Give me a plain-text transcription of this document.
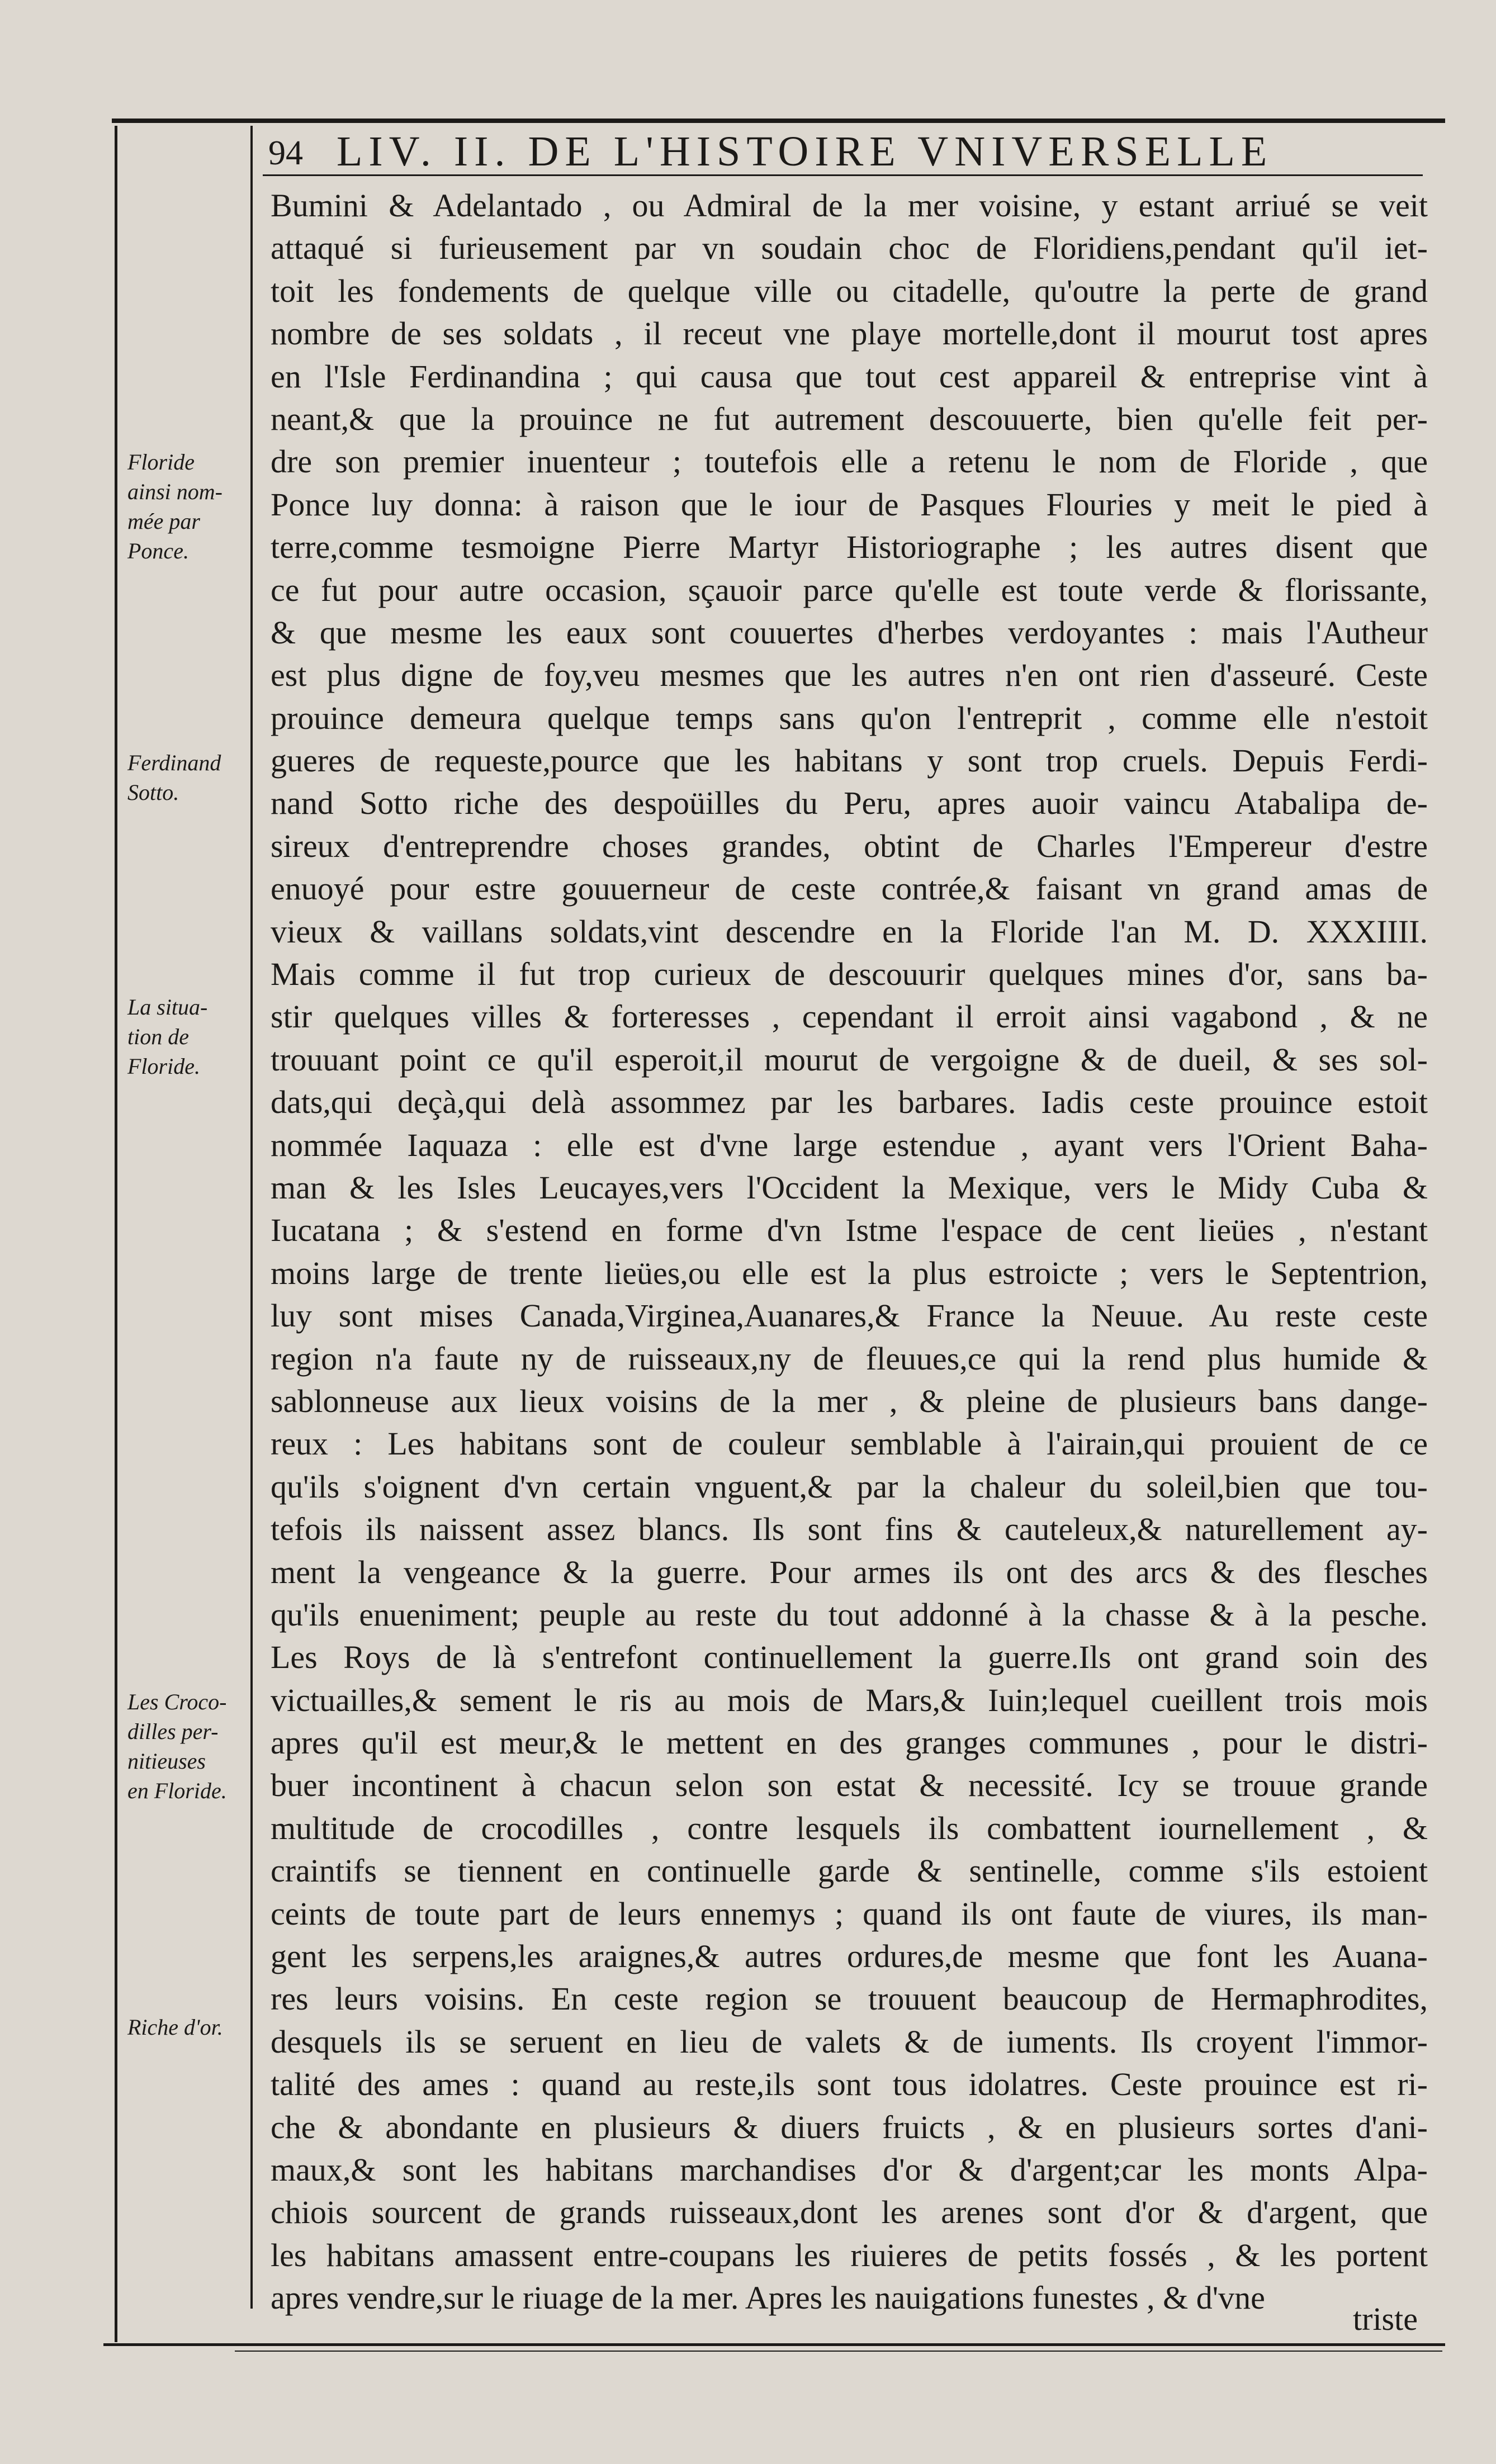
94 LIV. II. DE L'HISTOIRE VNIVERSELLE
Floride
ainsi nom-
mée par
Ponce.
Ferdinand
Sotto.
La situa-
tion de
Floride.
Les Croco-
dilles per-
nitieuses
en Floride.
Riche d'or.
Bumini & Adelantado , ou Admiral de la mer voisine, y estant arriué se veit
attaqué si furieusement par vn soudain choc de Floridiens,pendant qu'il iet-
toit les fondements de quelque ville ou citadelle, qu'outre la perte de grand
nombre de ses soldats , il receut vne playe mortelle,dont il mourut tost apres
en l'Isle Ferdinandina ; qui causa que tout cest appareil & entreprise vint à
neant,& que la prouince ne fut autrement descouuerte, bien qu'elle feit per-
dre son premier inuenteur ; toutefois elle a retenu le nom de Floride , que
Ponce luy donna: à raison que le iour de Pasques Flouries y meit le pied à
terre,comme tesmoigne Pierre Martyr Historiographe ; les autres disent que
ce fut pour autre occasion, sçauoir parce qu'elle est toute verde & florissante,
& que mesme les eaux sont couuertes d'herbes verdoyantes : mais l'Autheur
est plus digne de foy,veu mesmes que les autres n'en ont rien d'asseuré. Ceste
prouince demeura quelque temps sans qu'on l'entreprit , comme elle n'estoit
gueres de requeste,pource que les habitans y sont trop cruels. Depuis Ferdi-
nand Sotto riche des despoüilles du Peru, apres auoir vaincu Atabalipa de-
sireux d'entreprendre choses grandes, obtint de Charles l'Empereur d'estre
enuoyé pour estre gouuerneur de ceste contrée,& faisant vn grand amas de
vieux & vaillans soldats,vint descendre en la Floride l'an M. D. XXXIIII.
Mais comme il fut trop curieux de descouurir quelques mines d'or, sans ba-
stir quelques villes & forteresses , cependant il erroit ainsi vagabond , & ne
trouuant point ce qu'il esperoit,il mourut de vergoigne & de dueil, & ses sol-
dats,qui deçà,qui delà assommez par les barbares. Iadis ceste prouince estoit
nommée Iaquaza : elle est d'vne large estendue , ayant vers l'Orient Baha-
man & les Isles Leucayes,vers l'Occident la Mexique, vers le Midy Cuba &
Iucatana ; & s'estend en forme d'vn Istme l'espace de cent lieües , n'estant
moins large de trente lieües,ou elle est la plus estroicte ; vers le Septentrion,
luy sont mises Canada,Virginea,Auanares,& France la Neuue. Au reste ceste
region n'a faute ny de ruisseaux,ny de fleuues,ce qui la rend plus humide &
sablonneuse aux lieux voisins de la mer , & pleine de plusieurs bans dange-
reux : Les habitans sont de couleur semblable à l'airain,qui prouient de ce
qu'ils s'oignent d'vn certain vnguent,& par la chaleur du soleil,bien que tou-
tefois ils naissent assez blancs. Ils sont fins & cauteleux,& naturellement ay-
ment la vengeance & la guerre. Pour armes ils ont des arcs & des flesches
qu'ils enueniment; peuple au reste du tout addonné à la chasse & à la pesche.
Les Roys de là s'entrefont continuellement la guerre.Ils ont grand soin des
victuailles,& sement le ris au mois de Mars,& Iuin;lequel cueillent trois mois
apres qu'il est meur,& le mettent en des granges communes , pour le distri-
buer incontinent à chacun selon son estat & necessité. Icy se trouue grande
multitude de crocodilles , contre lesquels ils combattent iournellement , &
craintifs se tiennent en continuelle garde & sentinelle, comme s'ils estoient
ceints de toute part de leurs ennemys ; quand ils ont faute de viures, ils man-
gent les serpens,les araignes,& autres ordures,de mesme que font les Auana-
res leurs voisins. En ceste region se trouuent beaucoup de Hermaphrodites,
desquels ils se seruent en lieu de valets & de iuments. Ils croyent l'immor-
talité des ames : quand au reste,ils sont tous idolatres. Ceste prouince est ri-
che & abondante en plusieurs & diuers fruicts , & en plusieurs sortes d'ani-
maux,& sont les habitans marchandises d'or & d'argent;car les monts Alpa-
chiois sourcent de grands ruisseaux,dont les arenes sont d'or & d'argent, que
les habitans amassent entre-coupans les riuieres de petits fossés , & les portent
apres vendre,sur le riuage de la mer. Apres les nauigations funestes , & d'vne
triste
